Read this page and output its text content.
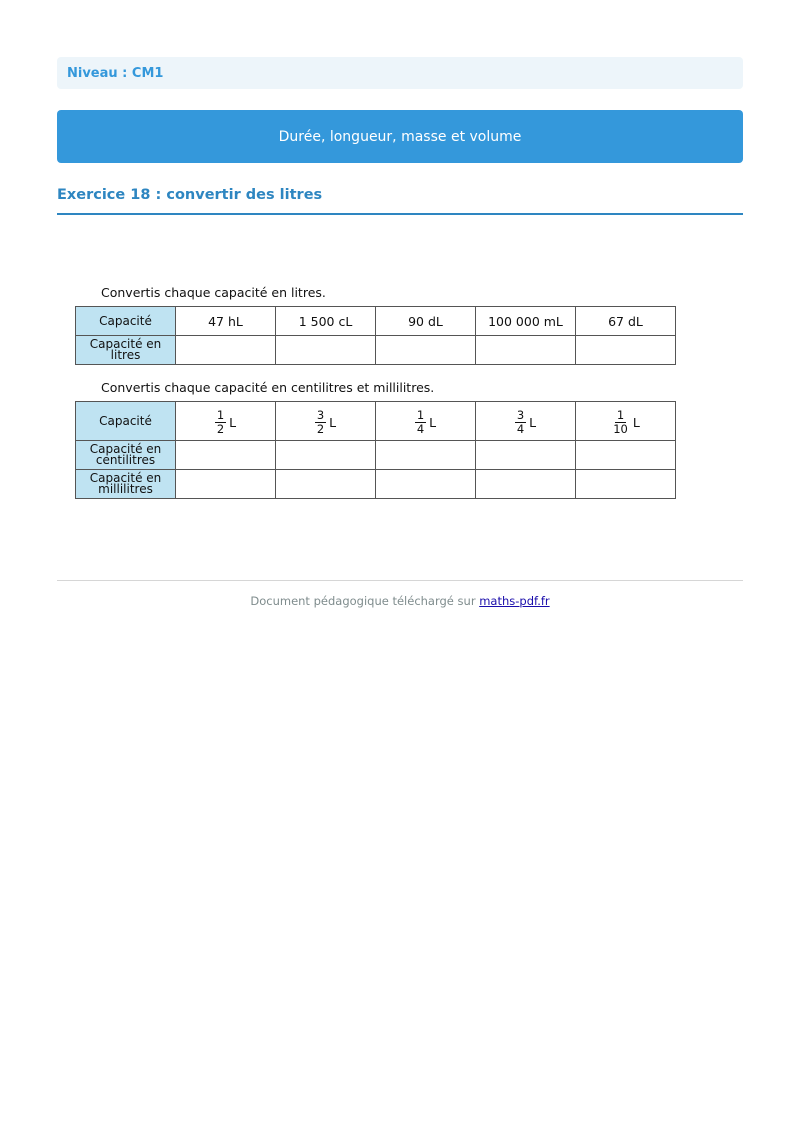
Niveau : CM1
Durée, longueur, masse et volume
Exercice 18 : convertir des litres
Convertis chaque capacité en litres.
Capacité	47 hL	1 500 cL	90 dL	100 000 mL	67 dL
Capacité en litres					
Convertis chaque capacité en centilitres et millilitres.
Capacité	$\frac{1}{2}$ L	$\frac{3}{2}$ L	$\frac{1}{4}$ L	$\frac{3}{4}$ L	$\frac{1}{10}$ L

Capacité en centilitres					
Capacité en millilitres					
Document pédagogique téléchargé sur maths-pdf.fr
